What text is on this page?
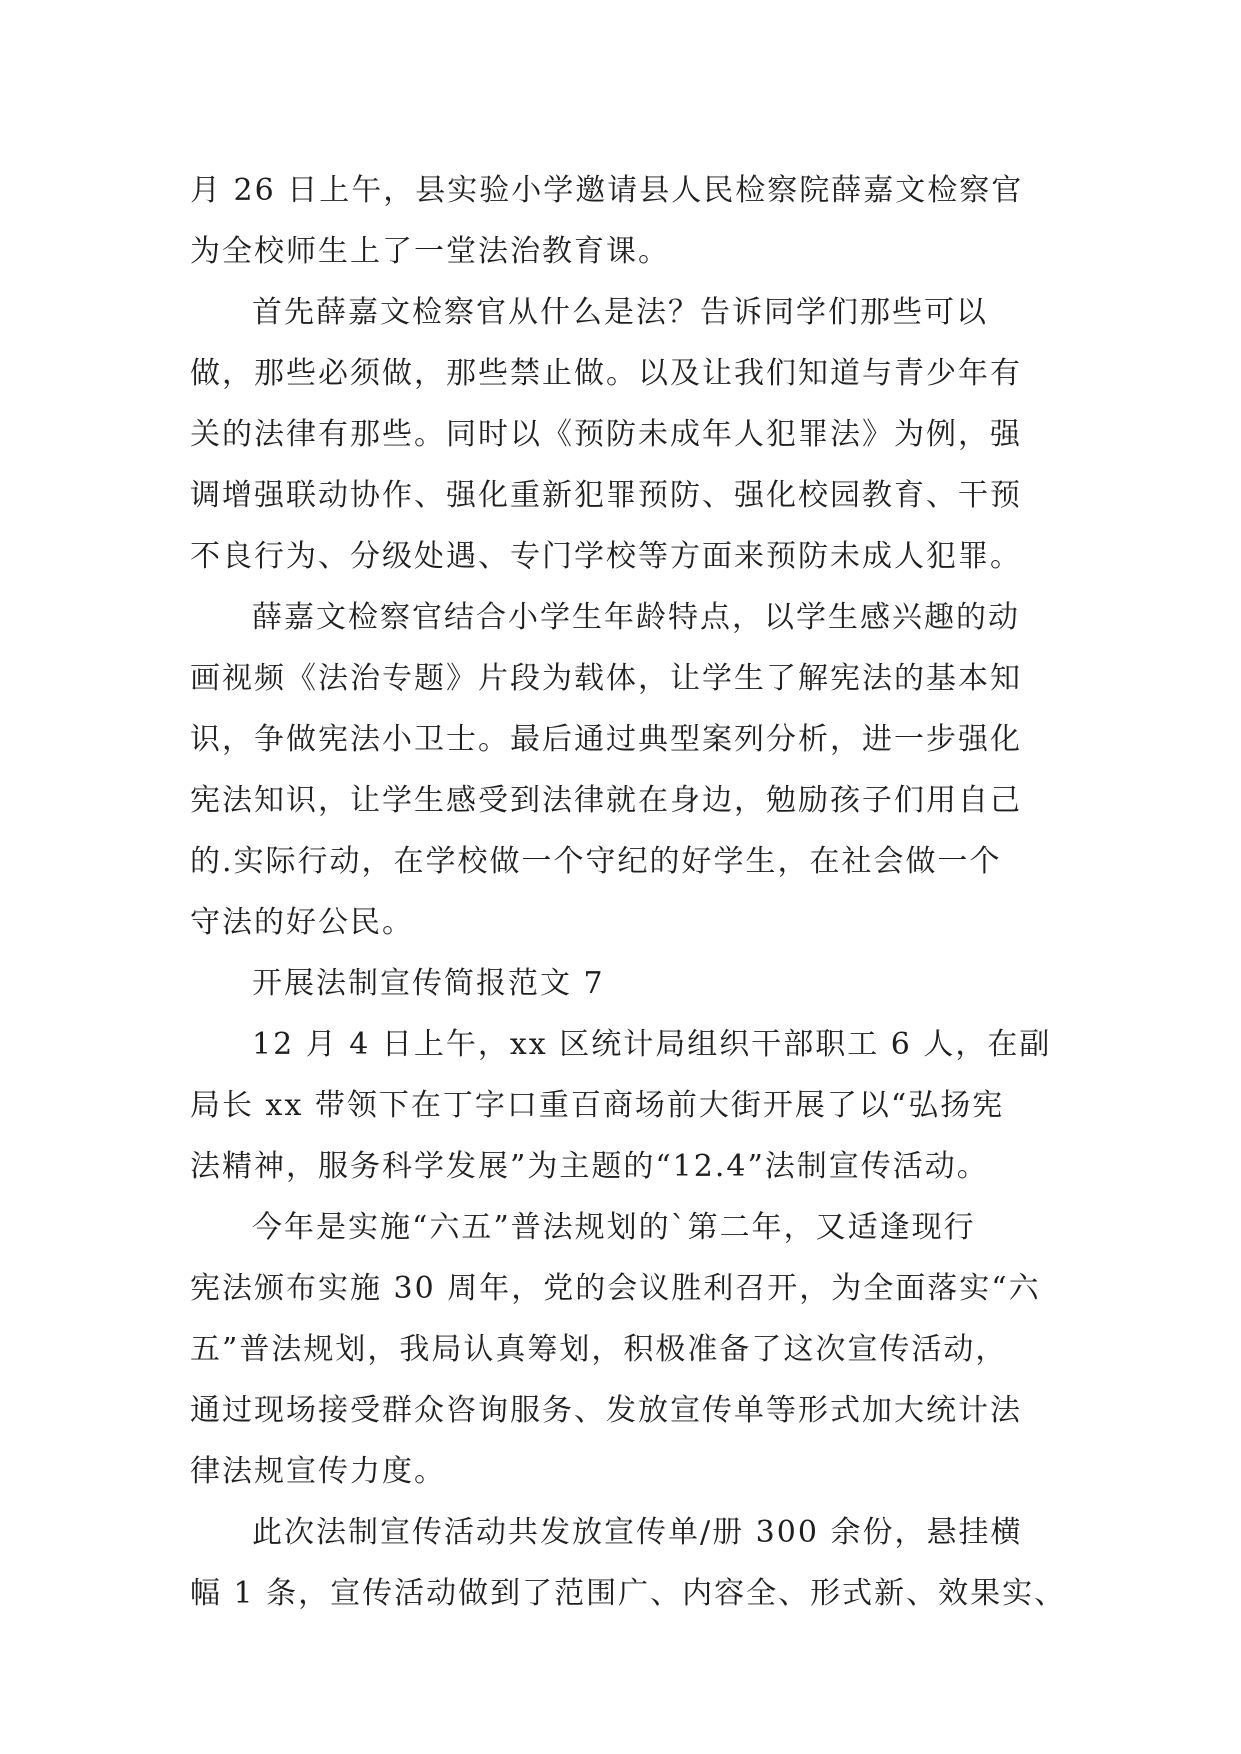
月 26 日上午，县实验小学邀请县人民检察院薛嘉文检察官
为全校师生上了一堂法治教育课。
首先薛嘉文检察官从什么是法？告诉同学们那些可以
做，那些必须做，那些禁止做。以及让我们知道与青少年有
关的法律有那些。同时以《预防未成年人犯罪法》为例，强
调增强联动协作、强化重新犯罪预防、强化校园教育、干预
不良行为、分级处遇、专门学校等方面来预防未成人犯罪。
薛嘉文检察官结合小学生年龄特点，以学生感兴趣的动
画视频《法治专题》片段为载体，让学生了解宪法的基本知
识，争做宪法小卫士。最后通过典型案列分析，进一步强化
宪法知识，让学生感受到法律就在身边，勉励孩子们用自己
的.实际行动，在学校做一个守纪的好学生，在社会做一个
守法的好公民。
开展法制宣传简报范文 7
12 月 4 日上午，xx 区统计局组织干部职工 6 人，在副
局长 xx 带领下在丁字口重百商场前大街开展了以“弘扬宪
法精神，服务科学发展”为主题的“12.4”法制宣传活动。
今年是实施“六五”普法规划的`第二年，又适逢现行
宪法颁布实施 30 周年，党的会议胜利召开，为全面落实“六
五”普法规划，我局认真筹划，积极准备了这次宣传活动，
通过现场接受群众咨询服务、发放宣传单等形式加大统计法
律法规宣传力度。
此次法制宣传活动共发放宣传单/册 300 余份，悬挂横
幅 1 条，宣传活动做到了范围广、内容全、形式新、效果实、
